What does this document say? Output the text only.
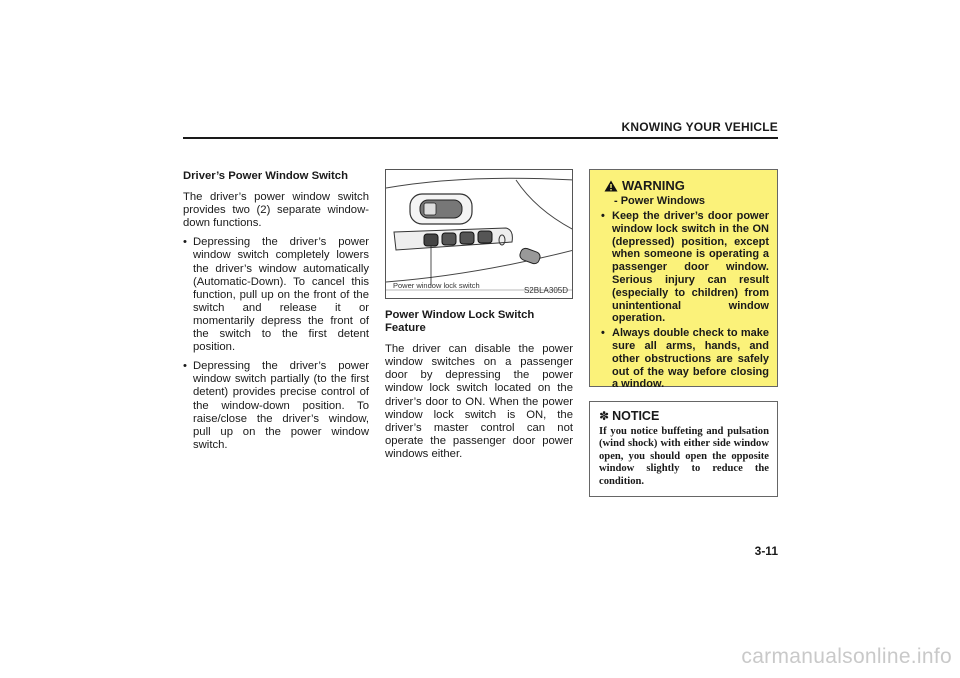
KNOWING YOUR VEHICLE
Driver’s Power Window Switch

The driver’s power window switch provides two (2) separate window-down functions.

• Depressing the driver’s power window switch completely lowers the driver’s window automatically (Automatic-Down). To cancel this function, pull up on the front of the switch and release it or momentarily depress the front of the switch to the first detent position.
• Depressing the driver’s power window switch partially (to the first detent) provides precise control of the window-down position. To raise/close the driver’s window, pull up on the power window switch.
Power window lock switch
S2BLA305D
Power Window Lock Switch Feature

The driver can disable the power window switches on a passenger door by depressing the power window lock switch located on the driver’s door to ON. When the power window lock switch is ON, the driver’s master control can not operate the passenger door power windows either.

WARNING
- Power Windows
• Keep the driver’s door power window lock switch in the ON (depressed) position, except when someone is operating a passenger door window. Serious injury can result (especially to children) from unintentional window operation.
• Always double check to make sure all arms, hands, and other obstructions are safely out of the way before closing a window.
✽ NOTICE

If you notice buffeting and pulsation (wind shock) with either side window open, you should open the opposite window slightly to reduce the condition.

3-11
carmanualsonline.info
